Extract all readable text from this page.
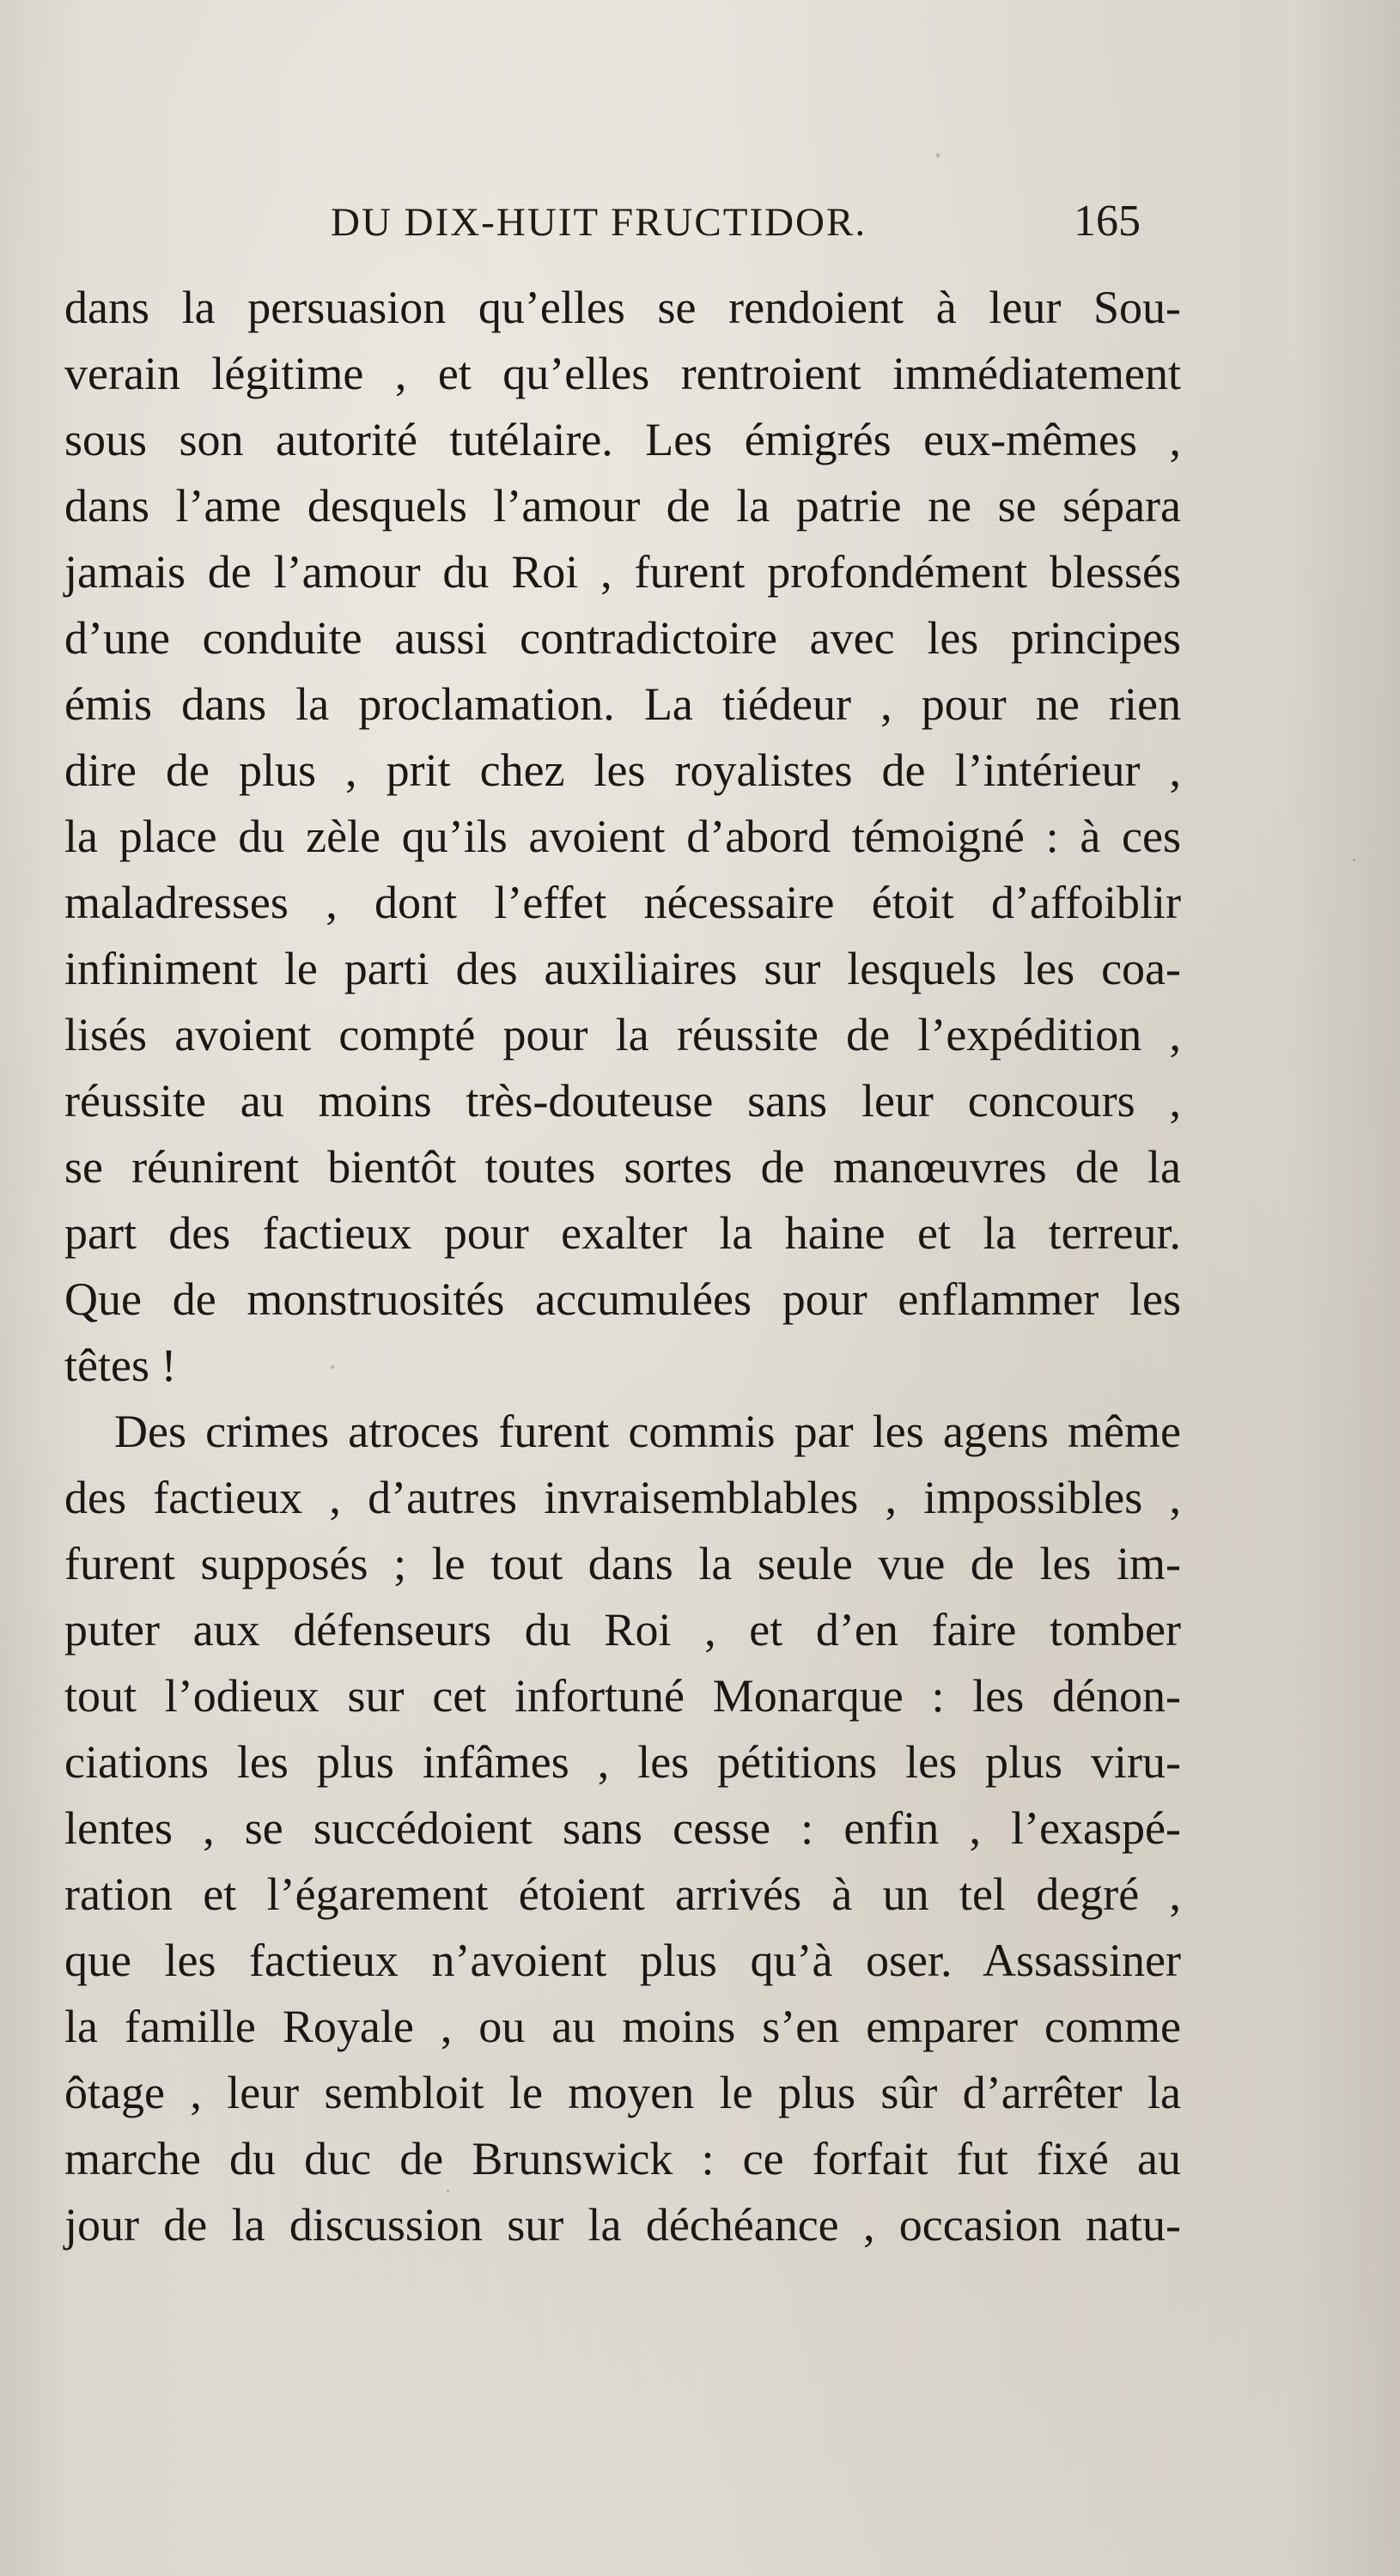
DU DIX-HUIT FRUCTIDOR.	165
dans la persuasion qu’elles se rendoient à leur Sou-
verain légitime , et qu’elles rentroient immédiatement
sous son autorité tutélaire. Les émigrés eux-mêmes ,
dans l’ame desquels l’amour de la patrie ne se sépara
jamais de l’amour du Roi , furent profondément blessés
d’une conduite aussi contradictoire avec les principes
émis dans la proclamation. La tiédeur , pour ne rien
dire de plus , prit chez les royalistes de l’intérieur ,
la place du zèle qu’ils avoient d’abord témoigné : à ces
maladresses , dont l’effet nécessaire étoit d’affoiblir
infiniment le parti des auxiliaires sur lesquels les coa-
lisés avoient compté pour la réussite de l’expédition ,
réussite au moins très-douteuse sans leur concours ,
se réunirent bientôt toutes sortes de manœuvres de la
part des factieux pour exalter la haine et la terreur.
Que de monstruosités accumulées pour enflammer les
têtes !
Des crimes atroces furent commis par les agens même
des factieux , d’autres invraisemblables , impossibles ,
furent supposés ; le tout dans la seule vue de les im-
puter aux défenseurs du Roi , et d’en faire tomber
tout l’odieux sur cet infortuné Monarque : les dénon-
ciations les plus infâmes , les pétitions les plus viru-
lentes , se succédoient sans cesse : enfin , l’exaspé-
ration et l’égarement étoient arrivés à un tel degré ,
que les factieux n’avoient plus qu’à oser. Assassiner
la famille Royale , ou au moins s’en emparer comme
ôtage , leur sembloit le moyen le plus sûr d’arrêter la
marche du duc de Brunswick : ce forfait fut fixé au
jour de la discussion sur la déchéance , occasion natu-
